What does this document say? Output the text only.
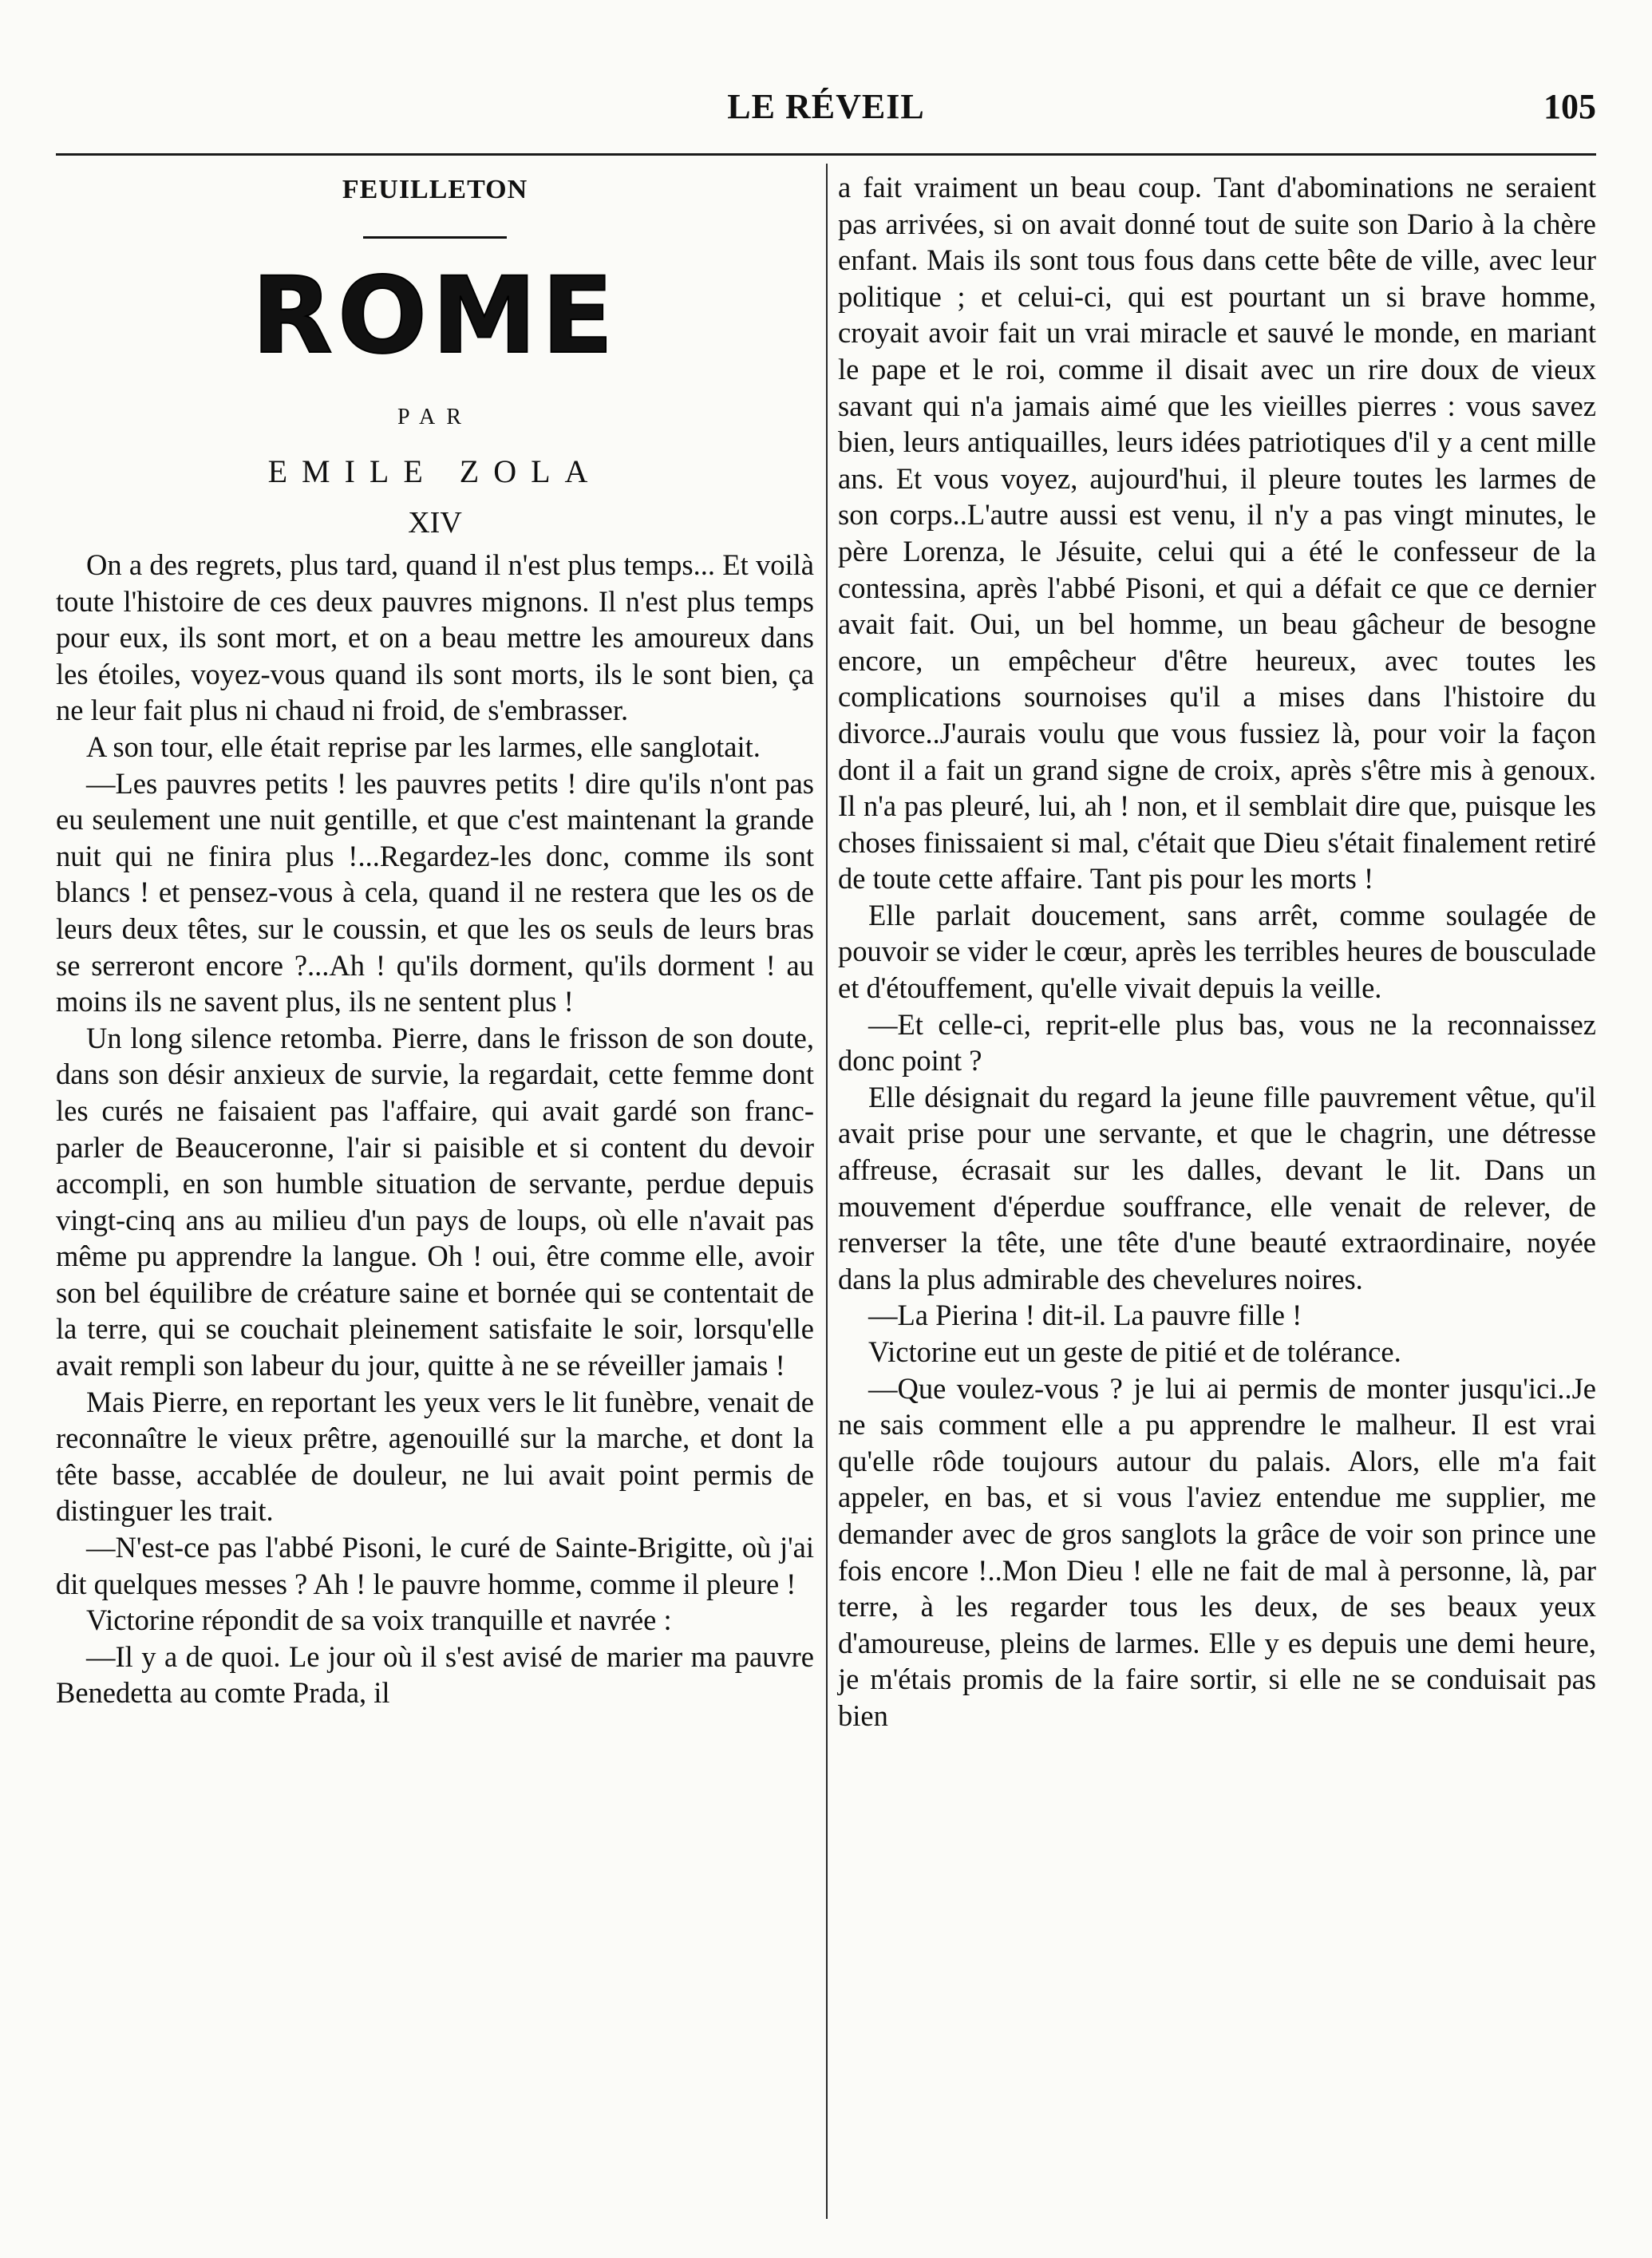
LE RÉVEIL	105
FEUILLETON
ROME
PAR
EMILE ZOLA
XIV

On a des regrets, plus tard, quand il n'est plus temps... Et voilà toute l'histoire de ces deux pauvres mignons. Il n'est plus temps pour eux, ils sont mort, et on a beau mettre les amoureux dans les étoiles, voyez-vous quand ils sont morts, ils le sont bien, ça ne leur fait plus ni chaud ni froid, de s'embrasser.

A son tour, elle était reprise par les larmes, elle sanglotait.

—Les pauvres petits ! les pauvres petits ! dire qu'ils n'ont pas eu seulement une nuit gentille, et que c'est maintenant la grande nuit qui ne finira plus !...Regardez-les donc, comme ils sont blancs ! et pensez-vous à cela, quand il ne restera que les os de leurs deux têtes, sur le coussin, et que les os seuls de leurs bras se serreront encore ?...Ah ! qu'ils dorment, qu'ils dorment ! au moins ils ne savent plus, ils ne sentent plus !

Un long silence retomba. Pierre, dans le frisson de son doute, dans son désir anxieux de survie, la regardait, cette femme dont les curés ne faisaient pas l'affaire, qui avait gardé son franc-parler de Beauceronne, l'air si paisible et si content du devoir accompli, en son humble situation de servante, perdue depuis vingt-cinq ans au milieu d'un pays de loups, où elle n'avait pas même pu apprendre la langue. Oh ! oui, être comme elle, avoir son bel équilibre de créature saine et bornée qui se contentait de la terre, qui se couchait pleinement satisfaite le soir, lorsqu'elle avait rempli son labeur du jour, quitte à ne se réveiller jamais !

Mais Pierre, en reportant les yeux vers le lit funèbre, venait de reconnaître le vieux prêtre, agenouillé sur la marche, et dont la tête basse, accablée de douleur, ne lui avait point permis de distinguer les trait.

—N'est-ce pas l'abbé Pisoni, le curé de Sainte-Brigitte, où j'ai dit quelques messes ? Ah ! le pauvre homme, comme il pleure !

Victorine répondit de sa voix tranquille et navrée :

—Il y a de quoi. Le jour où il s'est avisé de marier ma pauvre Benedetta au comte Prada, il

a fait vraiment un beau coup. Tant d'abominations ne seraient pas arrivées, si on avait donné tout de suite son Dario à la chère enfant. Mais ils sont tous fous dans cette bête de ville, avec leur politique ; et celui-ci, qui est pourtant un si brave homme, croyait avoir fait un vrai miracle et sauvé le monde, en mariant le pape et le roi, comme il disait avec un rire doux de vieux savant qui n'a jamais aimé que les vieilles pierres : vous savez bien, leurs antiquailles, leurs idées patriotiques d'il y a cent mille ans. Et vous voyez, aujourd'hui, il pleure toutes les larmes de son corps..L'autre aussi est venu, il n'y a pas vingt minutes, le père Lorenza, le Jésuite, celui qui a été le confesseur de la contessina, après l'abbé Pisoni, et qui a défait ce que ce dernier avait fait. Oui, un bel homme, un beau gâcheur de besogne encore, un empêcheur d'être heureux, avec toutes les complications sournoises qu'il a mises dans l'histoire du divorce..J'aurais voulu que vous fussiez là, pour voir la façon dont il a fait un grand signe de croix, après s'être mis à genoux. Il n'a pas pleuré, lui, ah ! non, et il semblait dire que, puisque les choses finissaient si mal, c'était que Dieu s'était finalement retiré de toute cette affaire. Tant pis pour les morts !

Elle parlait doucement, sans arrêt, comme soulagée de pouvoir se vider le cœur, après les terribles heures de bousculade et d'étouffement, qu'elle vivait depuis la veille.

—Et celle-ci, reprit-elle plus bas, vous ne la reconnaissez donc point ?

Elle désignait du regard la jeune fille pauvrement vêtue, qu'il avait prise pour une servante, et que le chagrin, une détresse affreuse, écrasait sur les dalles, devant le lit. Dans un mouvement d'éperdue souffrance, elle venait de relever, de renverser la tête, une tête d'une beauté extraordinaire, noyée dans la plus admirable des chevelures noires.

—La Pierina ! dit-il. La pauvre fille !

Victorine eut un geste de pitié et de tolérance.

—Que voulez-vous ? je lui ai permis de monter jusqu'ici..Je ne sais comment elle a pu apprendre le malheur. Il est vrai qu'elle rôde toujours autour du palais. Alors, elle m'a fait appeler, en bas, et si vous l'aviez entendue me supplier, me demander avec de gros sanglots la grâce de voir son prince une fois encore !..Mon Dieu ! elle ne fait de mal à personne, là, par terre, à les regarder tous les deux, de ses beaux yeux d'amoureuse, pleins de larmes. Elle y es depuis une demi heure, je m'étais promis de la faire sortir, si elle ne se conduisait pas bien
